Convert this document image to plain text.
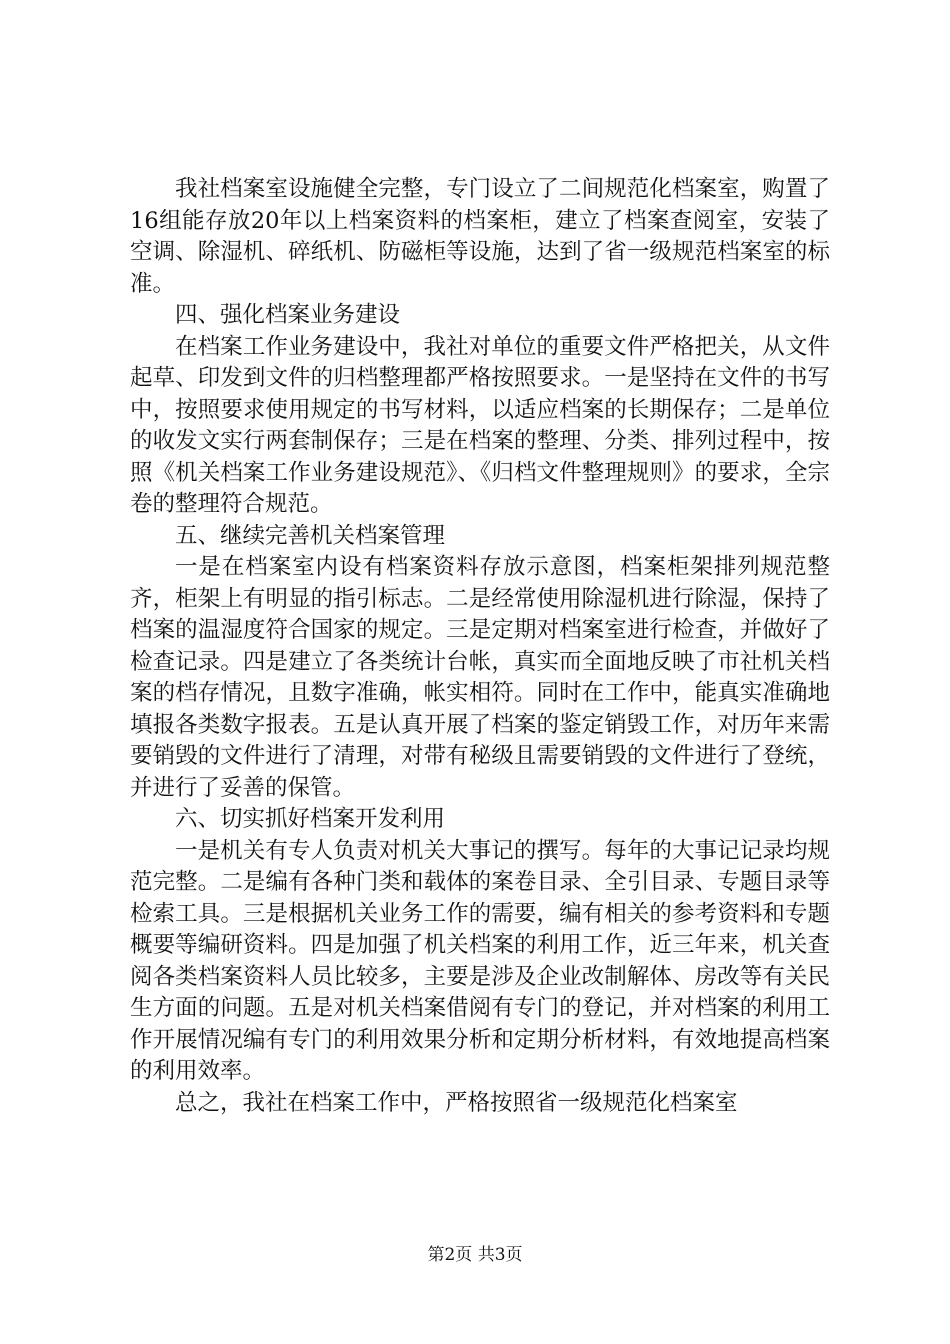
我社档案室设施健全完整，专门设立了二间规范化档案室，购置了16组能存放20年以上档案资料的档案柜，建立了档案查阅室，安装了空调、除湿机、碎纸机、防磁柜等设施，达到了省一级规范档案室的标准。

四、强化档案业务建设

在档案工作业务建设中，我社对单位的重要文件严格把关，从文件起草、印发到文件的归档整理都严格按照要求。一是坚持在文件的书写中，按照要求使用规定的书写材料，以适应档案的长期保存；二是单位的收发文实行两套制保存；三是在档案的整理、分类、排列过程中，按照《机关档案工作业务建设规范》、《归档文件整理规则》的要求，全宗卷的整理符合规范。

五、继续完善机关档案管理

一是在档案室内设有档案资料存放示意图，档案柜架排列规范整齐，柜架上有明显的指引标志。二是经常使用除湿机进行除湿，保持了档案的温湿度符合国家的规定。三是定期对档案室进行检查，并做好了检查记录。四是建立了各类统计台帐，真实而全面地反映了市社机关档案的档存情况，且数字准确，帐实相符。同时在工作中，能真实准确地填报各类数字报表。五是认真开展了档案的鉴定销毁工作，对历年来需要销毁的文件进行了清理，对带有秘级且需要销毁的文件进行了登统，并进行了妥善的保管。

六、切实抓好档案开发利用

一是机关有专人负责对机关大事记的撰写。每年的大事记记录均规范完整。二是编有各种门类和载体的案卷目录、全引目录、专题目录等检索工具。三是根据机关业务工作的需要，编有相关的参考资料和专题概要等编研资料。四是加强了机关档案的利用工作，近三年来，机关查阅各类档案资料人员比较多，主要是涉及企业改制解体、房改等有关民生方面的问题。五是对机关档案借阅有专门的登记，并对档案的利用工作开展情况编有专门的利用效果分析和定期分析材料，有效地提高档案的利用效率。

总之，我社在档案工作中，严格按照省一级规范化档案室

第2页 共3页
